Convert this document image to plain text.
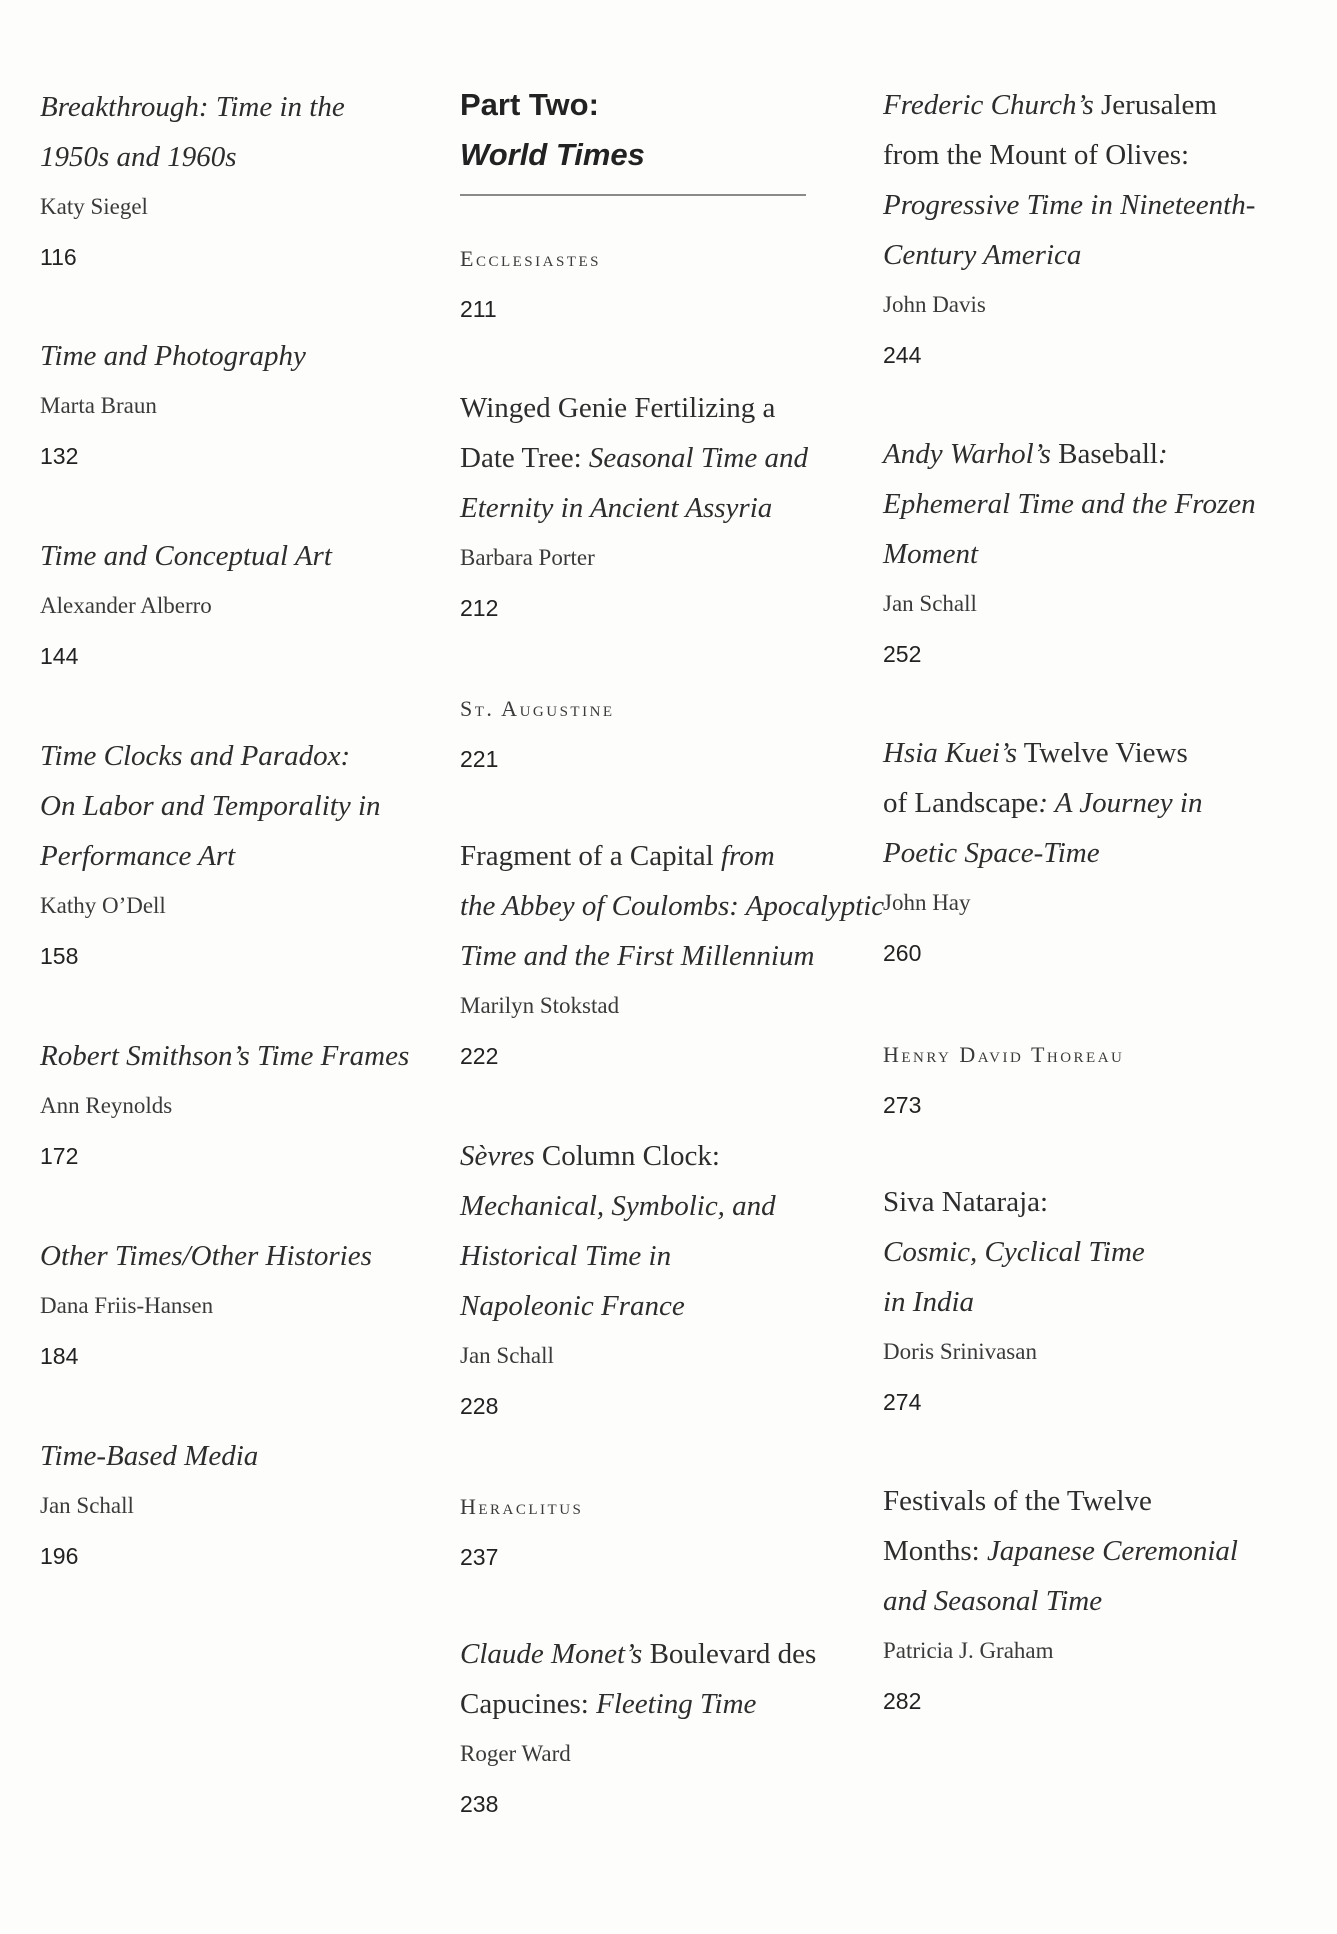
Breakthrough: Time in the

1950s and 1960s

Katy Siegel

116

Time and Photography

Marta Braun

132

Time and Conceptual Art

Alexander Alberro

144

Time Clocks and Paradox:

On Labor and Temporality in

Performance Art

Kathy O’Dell

158

Robert Smithson’s Time Frames

Ann Reynolds

172

Other Times/Other Histories

Dana Friis-Hansen

184

Time-Based Media

Jan Schall

196

Part Two:

World Times

Ecclesiastes

211

Winged Genie Fertilizing a

Date Tree: Seasonal Time and

Eternity in Ancient Assyria

Barbara Porter

212

St. Augustine

221

Fragment of a Capital from

the Abbey of Coulombs: Apocalyptic

Time and the First Millennium

Marilyn Stokstad

222

Sèvres Column Clock:

Mechanical, Symbolic, and

Historical Time in

Napoleonic France

Jan Schall

228

Heraclitus

237

Claude Monet’s Boulevard des

Capucines: Fleeting Time

Roger Ward

238

Frederic Church’s Jerusalem

from the Mount of Olives:

Progressive Time in Nineteenth-

Century America

John Davis

244

Andy Warhol’s Baseball:

Ephemeral Time and the Frozen

Moment

Jan Schall

252

Hsia Kuei’s Twelve Views

of Landscape: A Journey in

Poetic Space-Time

John Hay

260

Henry David Thoreau

273

Siva Nataraja:

Cosmic, Cyclical Time

in India

Doris Srinivasan

274

Festivals of the Twelve

Months: Japanese Ceremonial

and Seasonal Time

Patricia J. Graham

282
